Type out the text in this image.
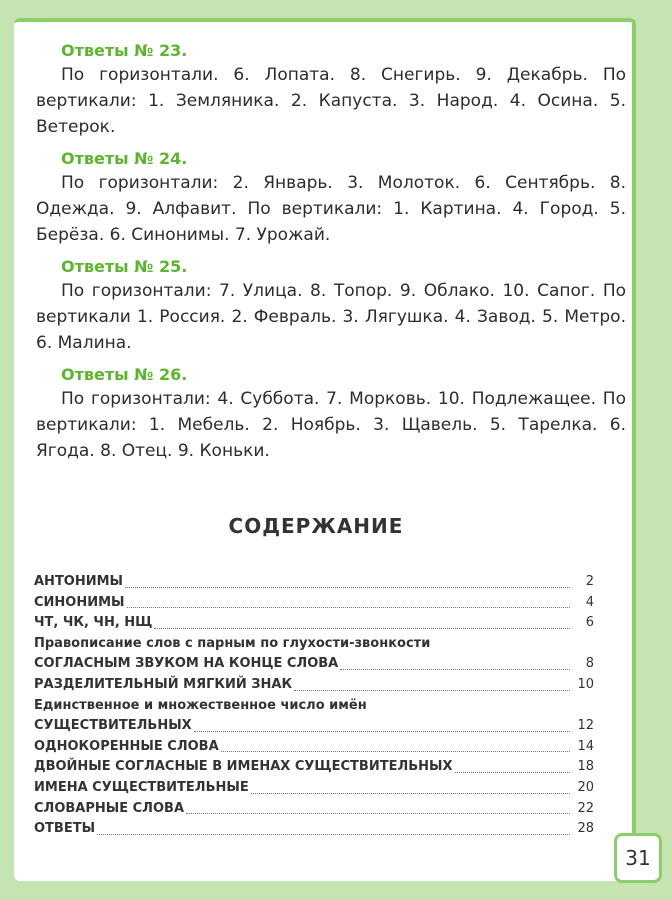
Ответы № 23.
По горизонтали. 6. Лопата. 8. Снегирь. 9. Декабрь. По вертикали: 1. Земляника. 2. Капуста. 3. Народ. 4. Осина. 5. Ветерок.
Ответы № 24.
По горизонтали: 2. Январь. 3. Молоток. 6. Сентябрь. 8. Одежда. 9. Алфавит. По вертикали: 1. Картина. 4. Город. 5. Берёза. 6. Синонимы. 7. Урожай.
Ответы № 25.
По горизонтали: 7. Улица. 8. Топор. 9. Облако. 10. Сапог. По вертикали 1. Россия. 2. Февраль. 3. Лягушка. 4. Завод. 5. Метро. 6. Малина.
Ответы № 26.
По горизонтали: 4. Суббота. 7. Морковь. 10. Подлежащее. По вертикали: 1. Мебель. 2. Ноябрь. 3. Щавель. 5. Тарелка. 6. Ягода. 8. Отец. 9. Коньки.
СОДЕРЖАНИЕ
АНТОНИМЫ	2
СИНОНИМЫ	4
ЧТ, ЧК, ЧН, НЩ	6
Правописание слов с парным по глухости-звонкости
СОГЛАСНЫМ ЗВУКОМ НА КОНЦЕ СЛОВА	8
РАЗДЕЛИТЕЛЬНЫЙ МЯГКИЙ ЗНАК	10
Единственное и множественное число имён
СУЩЕСТВИТЕЛЬНЫХ	12
ОДНОКОРЕННЫЕ СЛОВА	14
ДВОЙНЫЕ СОГЛАСНЫЕ В ИМЕНАХ СУЩЕСТВИТЕЛЬНЫХ	18
ИМЕНА СУЩЕСТВИТЕЛЬНЫЕ	20
СЛОВАРНЫЕ СЛОВА	22
ОТВЕТЫ	28
31
